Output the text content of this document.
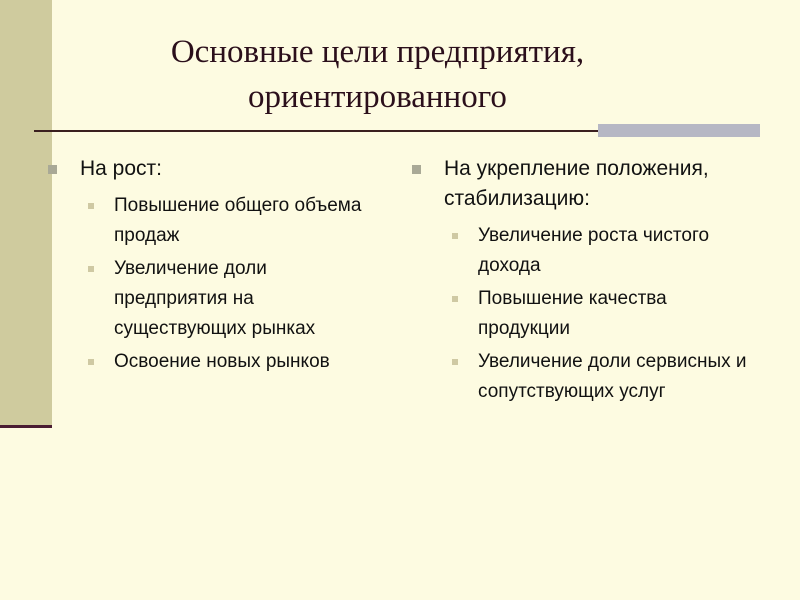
Основные цели предприятия,
ориентированного
На рост:
Повышение общего объема продаж
Увеличение доли предприятия на существующих рынках
Освоение новых рынков
На укрепление положения, стабилизацию:
Увеличение роста чистого дохода
Повышение качества продукции
Увеличение доли сервисных и сопутствующих услуг
